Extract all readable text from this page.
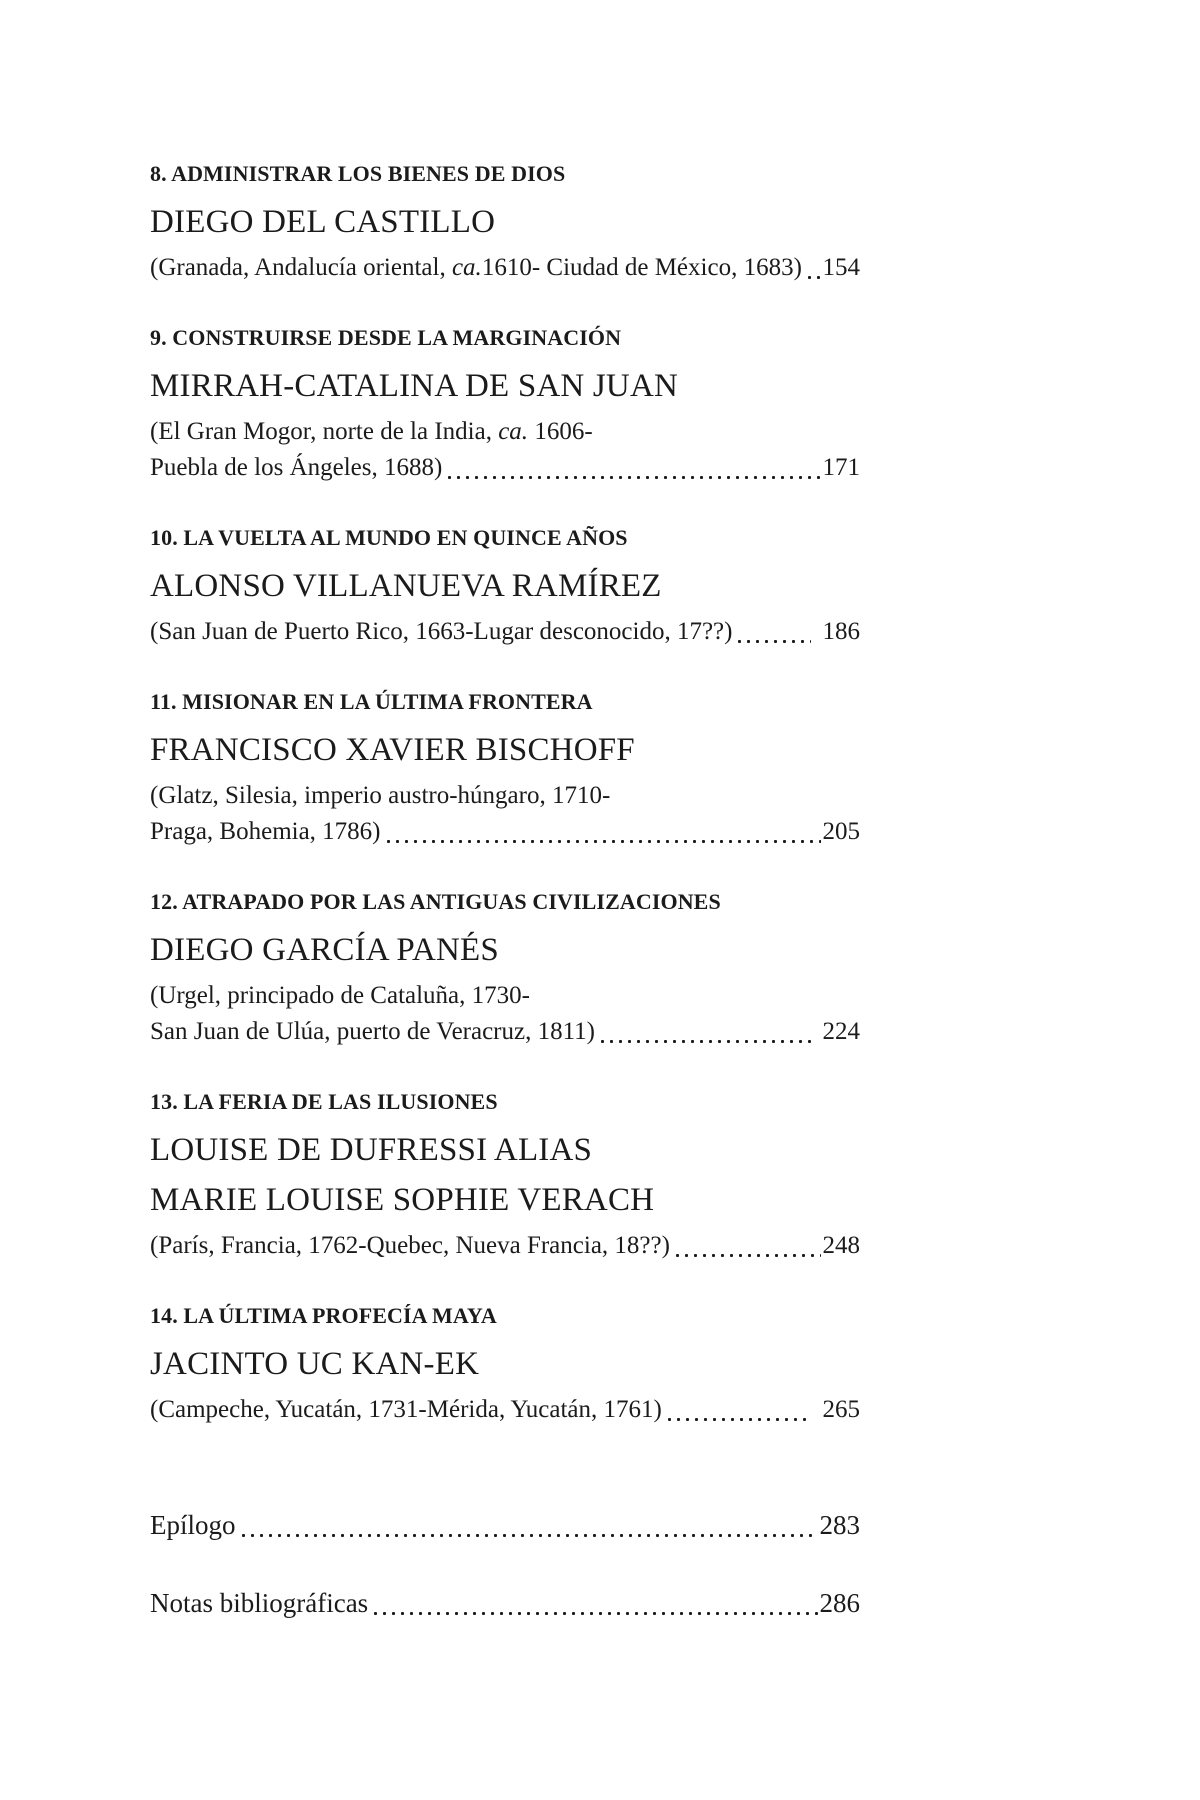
8. ADMINISTRAR LOS BIENES DE DIOS
DIEGO DEL CASTILLO
(Granada, Andalucía oriental, ca.1610- Ciudad de México, 1683) 154
9. CONSTRUIRSE DESDE LA MARGINACIÓN
MIRRAH-CATALINA DE SAN JUAN
(El Gran Mogor, norte de la India, ca. 1606-
Puebla de los Ángeles, 1688)	171
10. LA VUELTA AL MUNDO EN QUINCE AÑOS
ALONSO VILLANUEVA RAMÍREZ
(San Juan de Puerto Rico, 1663-Lugar desconocido, 17??)	186
11. MISIONAR EN LA ÚLTIMA FRONTERA
FRANCISCO XAVIER BISCHOFF
(Glatz, Silesia, imperio austro-húngaro, 1710-
Praga, Bohemia, 1786)	205
12. ATRAPADO POR LAS ANTIGUAS CIVILIZACIONES
DIEGO GARCÍA PANÉS
(Urgel, principado de Cataluña, 1730-
San Juan de Ulúa, puerto de Veracruz, 1811)	224
13. LA FERIA DE LAS ILUSIONES
LOUISE DE DUFRESSI ALIAS
MARIE LOUISE SOPHIE VERACH
(París, Francia, 1762-Quebec, Nueva Francia, 18??)	248
14. LA ÚLTIMA PROFECÍA MAYA
JACINTO UC KAN-EK
(Campeche, Yucatán, 1731-Mérida, Yucatán, 1761)	265
Epílogo	283
Notas bibliográficas	286
